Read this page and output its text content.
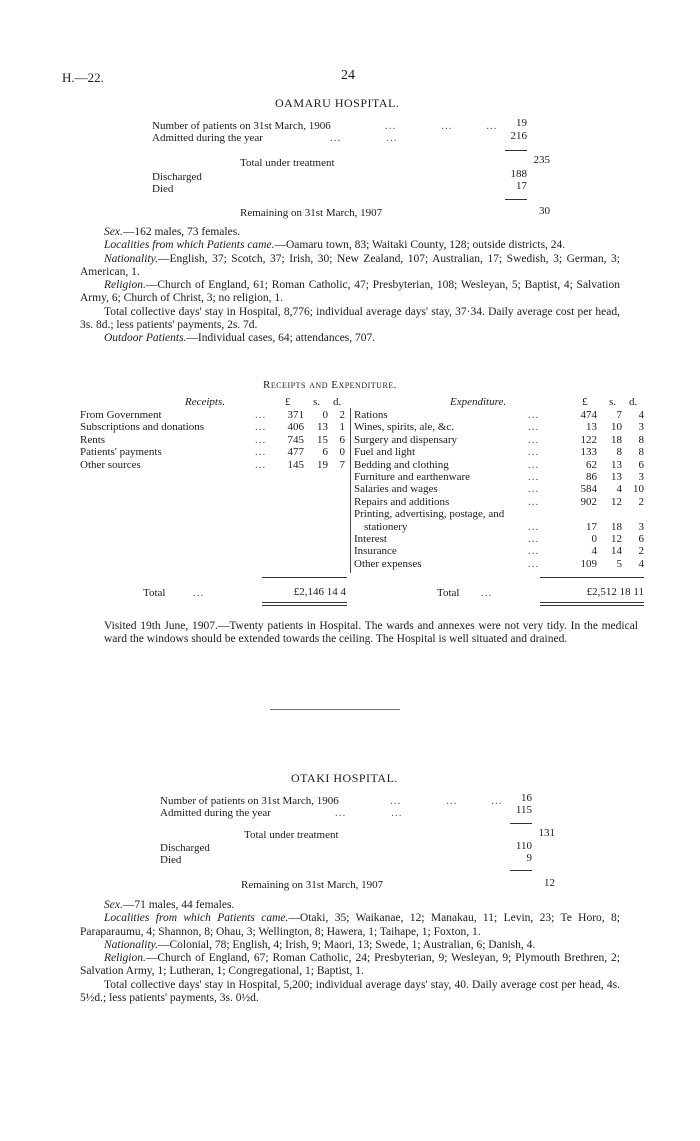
H.—22.	24
OAMARU HOSPITAL.
Number of patients on 31st March, 1906	...            ...         ...	19
Admitted during the year	...            ...	216
Total under treatment	235
Discharged	188
Died	17
Remaining on 31st March, 1907	30

Sex.—162 males, 73 females.

Localities from which Patients came.—Oamaru town, 83; Waitaki County, 128; outside districts, 24.

Nationality.—English, 37; Scotch, 37; Irish, 30; New Zealand, 107; Australian, 17; Swedish, 3; German, 3; American, 1.

Religion.—Church of England, 61; Roman Catholic, 47; Presbyterian, 108; Wesleyan, 5; Baptist, 4; Salvation Army, 6; Church of Christ, 3; no religion, 1.

Total collective days' stay in Hospital, 8,776; individual average days' stay, 37·34. Daily average cost per head, 3s. 8d.; less patients' payments, 2s. 7d.

Outdoor Patients.—Individual cases, 64; attendances, 707.

Receipts and Expenditure.
Receipts.	£ s. d.	Expenditure.	£ s. d.
From Government	...	371	0	2
Subscriptions and donations	...	406	13	1
Rents	...	745	15	6
Patients' payments	...	477	6	0
Other sources	...	145	19	7
Rations	...	474	7	4
Wines, spirits, ale, &c.	...	13	10	3
Surgery and dispensary	...	122	18	8
Fuel and light	...	133	8	8
Bedding and clothing	...	62	13	6
Furniture and earthenware	...	86	13	3
Salaries and wages	...	584	4	10
Repairs and additions	...	902	12	2
Printing, advertising, postage, and
stationery	...	17	18	3
Interest	...	0	12	6
Insurance	...	4	14	2
Other expenses	...	109	5	4
Total	...	£2,146 14 4	Total ...	£2,512 18 11

Visited 19th June, 1907.—Twenty patients in Hospital. The wards and annexes were not very tidy. In the medical ward the windows should be extended towards the ceiling. The Hospital is well situated and drained.

OTAKI HOSPITAL.
Number of patients on 31st March, 1906	...            ...         ...	16
Admitted during the year	...            ...	115
Total under treatment	131
Discharged	110
Died	9
Remaining on 31st March, 1907	12

Sex.—71 males, 44 females.

Localities from which Patients came.—Otaki, 35; Waikanae, 12; Manakau, 11; Levin, 23; Te Horo, 8; Paraparaumu, 4; Shannon, 8; Ohau, 3; Wellington, 8; Hawera, 1; Taihape, 1; Foxton, 1.

Nationality.—Colonial, 78; English, 4; Irish, 9; Maori, 13; Swede, 1; Australian, 6; Danish, 4.

Religion.—Church of England, 67; Roman Catholic, 24; Presbyterian, 9; Wesleyan, 9; Plymouth Brethren, 2; Salvation Army, 1; Lutheran, 1; Congregational, 1; Baptist, 1.

Total collective days' stay in Hospital, 5,200; individual average days' stay, 40. Daily average cost per head, 4s. 5½d.; less patients' payments, 3s. 0½d.
